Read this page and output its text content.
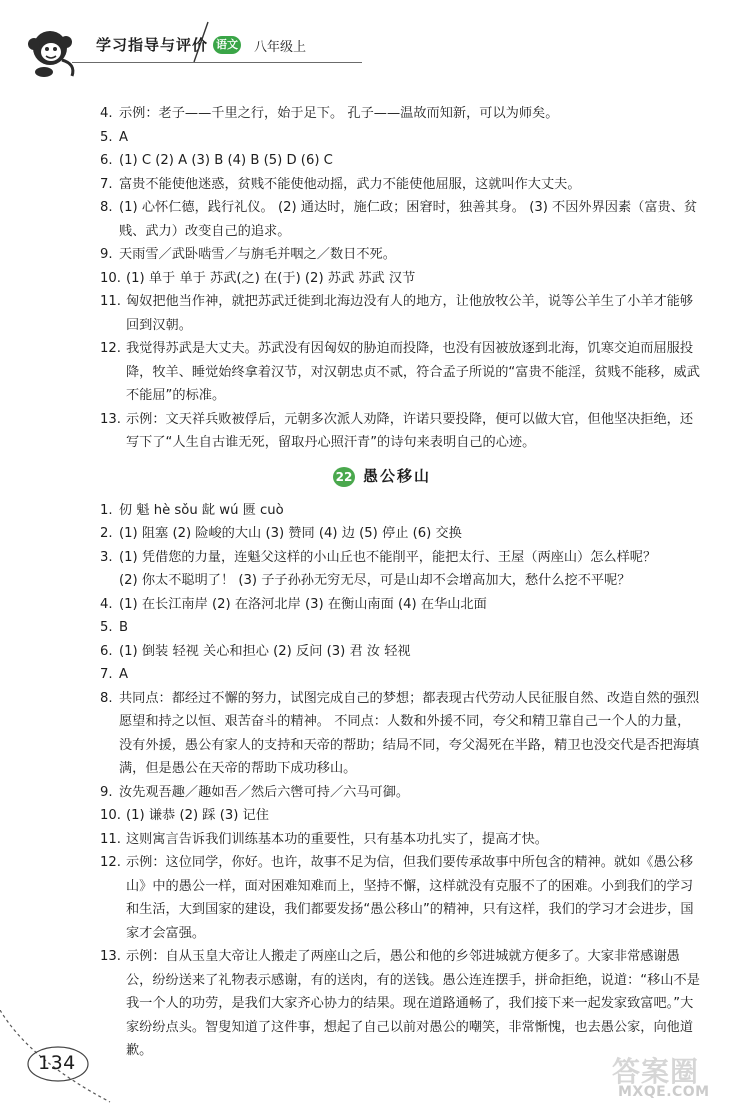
学习指导与评价 语文 八年级上
4. 示例：老子——千里之行，始于足下。 孔子——温故而知新，可以为师矣。
5. A
6. (1) C (2) A (3) B (4) B (5) D (6) C
7. 富贵不能使他迷惑，贫贱不能使他动摇，武力不能使他屈服，这就叫作大丈夫。
8. (1) 心怀仁德，践行礼仪。 (2) 通达时，施仁政；困窘时，独善其身。 (3) 不因外界因素（富贵、贫贱、武力）改变自己的追求。
9. 天雨雪／武卧啮雪／与旃毛并咽之／数日不死。
10. (1) 单于 单于 苏武(之) 在(于) (2) 苏武 苏武 汉节
11. 匈奴把他当作神，就把苏武迁徙到北海边没有人的地方，让他放牧公羊，说等公羊生了小羊才能够回到汉朝。
12. 我觉得苏武是大丈夫。苏武没有因匈奴的胁迫而投降，也没有因被放逐到北海，饥寒交迫而屈服投降，牧羊、睡觉始终拿着汉节，对汉朝忠贞不贰，符合孟子所说的“富贵不能淫，贫贱不能移，威武不能屈”的标准。
13. 示例：文天祥兵败被俘后，元朝多次派人劝降，许诺只要投降，便可以做大官，但他坚决拒绝，还写下了“人生自古谁无死，留取丹心照汗青”的诗句来表明自己的心迹。
22 愚公移山
1. 仞 魁 hè sǒu 龀 wú 匮 cuò
2. (1) 阻塞 (2) 险峻的大山 (3) 赞同 (4) 边 (5) 停止 (6) 交换
3. (1) 凭借您的力量，连魁父这样的小山丘也不能削平，能把太行、王屋（两座山）怎么样呢？
(2) 你太不聪明了！ (3) 子子孙孙无穷无尽，可是山却不会增高加大，愁什么挖不平呢？
4. (1) 在长江南岸 (2) 在洛河北岸 (3) 在衡山南面 (4) 在华山北面
5. B
6. (1) 倒装 轻视 关心和担心 (2) 反问 (3) 君 汝 轻视
7. A
8. 共同点：都经过不懈的努力，试图完成自己的梦想；都表现古代劳动人民征服自然、改造自然的强烈愿望和持之以恒、艰苦奋斗的精神。 不同点：人数和外援不同，夸父和精卫靠自己一个人的力量，没有外援，愚公有家人的支持和天帝的帮助；结局不同，夸父渴死在半路，精卫也没交代是否把海填满，但是愚公在天帝的帮助下成功移山。
9. 汝先观吾趣／趣如吾／然后六辔可持／六马可御。
10. (1) 谦恭 (2) 踩 (3) 记住
11. 这则寓言告诉我们训练基本功的重要性，只有基本功扎实了，提高才快。
12. 示例：这位同学，你好。也许，故事不足为信，但我们要传承故事中所包含的精神。就如《愚公移山》中的愚公一样，面对困难知难而上，坚持不懈，这样就没有克服不了的困难。小到我们的学习和生活，大到国家的建设，我们都要发扬“愚公移山”的精神，只有这样，我们的学习才会进步，国家才会富强。
13. 示例：自从玉皇大帝让人搬走了两座山之后，愚公和他的乡邻进城就方便多了。大家非常感谢愚公，纷纷送来了礼物表示感谢，有的送肉，有的送钱。愚公连连摆手，拼命拒绝，说道：“移山不是我一个人的功劳，是我们大家齐心协力的结果。现在道路通畅了，我们接下来一起发家致富吧。”大家纷纷点头。智叟知道了这件事，想起了自己以前对愚公的嘲笑，非常惭愧，也去愚公家，向他道歉。
134	答案圈
MXQE.COM
